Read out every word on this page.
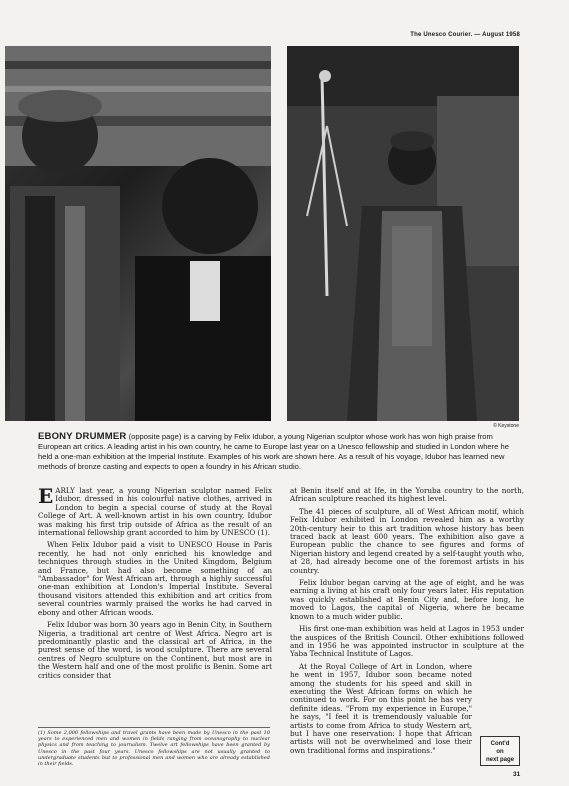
The Unesco Courier. — August 1958
© Keystone
EBONY DRUMMER (opposite page) is a carving by Felix Idubor, a young Nigerian sculptor whose work has won high praise from European art critics. A leading artist in his own country, he came to Europe last year on a Unesco fellowship and studied in London where he held a one-man exhibition at the Imperial Institute. Examples of his work are shown here. As a result of his voyage, Idubor has learned new methods of bronze casting and expects to open a foundry in his African studio.

EARLY last year, a young Nigerian sculptor named Felix Idubor, dressed in his colourful native clothes, arrived in London to begin a special course of study at the Royal College of Art. A well-known artist in his own country, Idubor was making his first trip outside of Africa as the result of an international fellowship grant accorded to him by UNESCO (1).

When Felix Idubor paid a visit to UNESCO House in Paris recently, he had not only enriched his knowledge and techniques through studies in the United Kingdom, Belgium and France, but had also become something of an "Ambassador" for West African art, through a highly successful one-man exhibition at London's Imperial Institute. Several thousand visitors attended this exhibition and art critics from several countries warmly praised the works he had carved in ebony and other African woods.

Felix Idubor was born 30 years ago in Benin City, in Southern Nigeria, a traditional art centre of West Africa. Negro art is predominantly plastic and the classical art of Africa, in the purest sense of the word, is wood sculpture. There are several centres of Negro sculpture on the Continent, but most are in the Western half and one of the most prolific is Benin. Some art critics consider that

at Benin itself and at Ife, in the Yoruba country to the north, African sculpture reached its highest level.

The 41 pieces of sculpture, all of West African motif, which Felix Idubor exhibited in London revealed him as a worthy 20th-century heir to this art tradition whose history has been traced back at least 600 years. The exhibition also gave a European public the chance to see figures and forms of Nigerian history and legend created by a self-taught youth who, at 28, had already become one of the foremost artists in his country.

Felix Idubor began carving at the age of eight, and he was earning a living at his craft only four years later. His reputation was quickly established at Benin City and, before long, he moved to Lagos, the capital of Nigeria, where he became known to a much wider public.

His first one-man exhibition was held at Lagos in 1953 under the auspices of the British Council. Other exhibitions followed and in 1956 he was appointed instructor in sculpture at the Yaba Technical Institute of Lagos.

At the Royal College of Art in London, where he went in 1957, Idubor soon became noted among the students for his speed and skill in executing the West African forms on which he continued to work. For on this point he has very definite ideas. "From my experience in Europe," he says, "I feel it is tremendously valuable for artists to come from Africa to study Western art, but I have one reservation: I hope that African artists will not be overwhelmed and lose their own traditional forms and inspirations."

(1) Some 2,000 fellowships and travel grants have been made by Unesco in the past 10 years to experienced men and women in fields ranging from oceanography to nuclear physics and from teaching to journalism. Twelve art fellowships have been granted by Unesco in the past four years. Unesco fellowships are not usually granted to undergraduate students but to professional men and women who are already established in their fields.
Cont'd
on
next page
31
